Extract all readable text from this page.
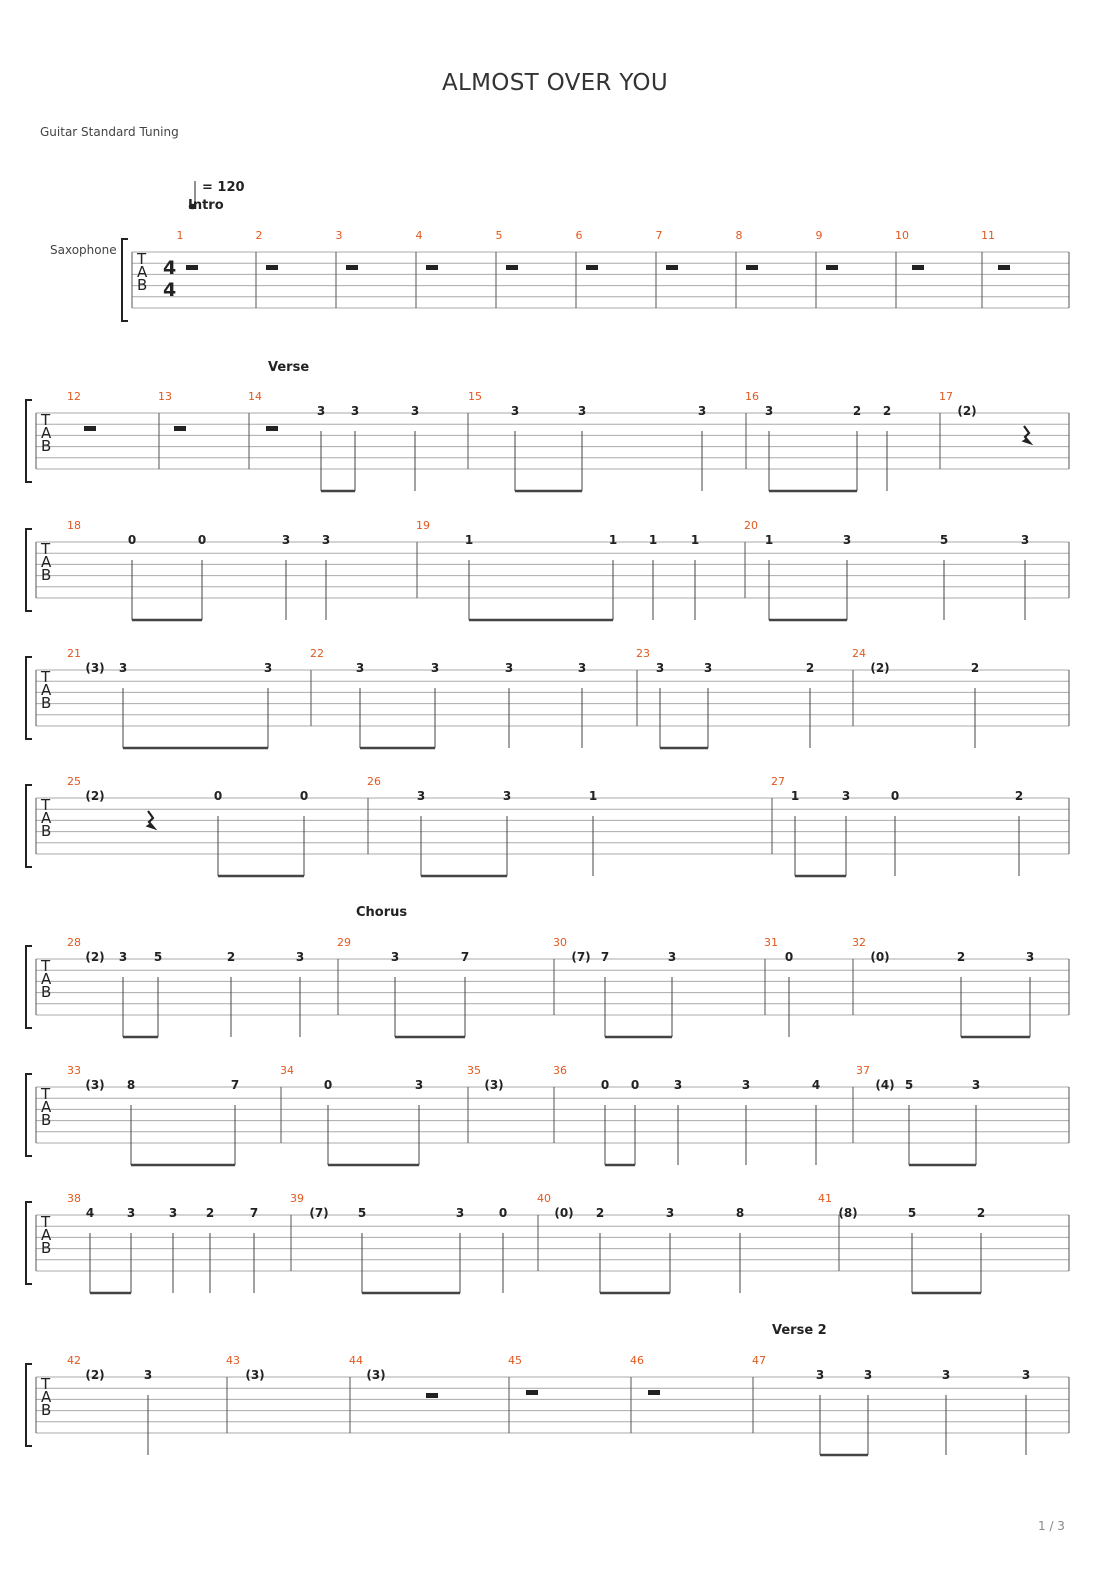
ALMOST OVER YOU
Guitar Standard Tuning
= 120
Intro
Verse
Chorus
Verse 2
Saxophone T
A
B
4
4
1	2	3	4	5	6	7	8	9	10	11
T
A
B
12	13	14	15	16	17
3 3	3	3	3	3	3	2 2	(2)
T
A
B
18	19	20
0	0	3	3	1	1	1	1	1	3	5	3
T
A
B
21	22	23	24
(3) 3	3	3	3	3	3	3	3	2	(2)	2
T
A
B
25	26	27
(2)	0	0	3	3	1	1	3	0	2
T
A
B
28	29	30	31	32
(2) 3 5	2	3	3	7	(7) 7	3	0	(0)	2	3
T
A
B
33	34	35	36	37
(3) 8	7	0	3	(3)	0 0	3	3	4	(4) 5	3
T
A
B
38	39	40	41
4	3	3 2	7	(7) 5	3	0	(0) 2	3	8	(8)	5	2
T
A
B
42	43	44	45	46	47
(2)	3	(3)	(3)	3	3	3	3
1 / 3
